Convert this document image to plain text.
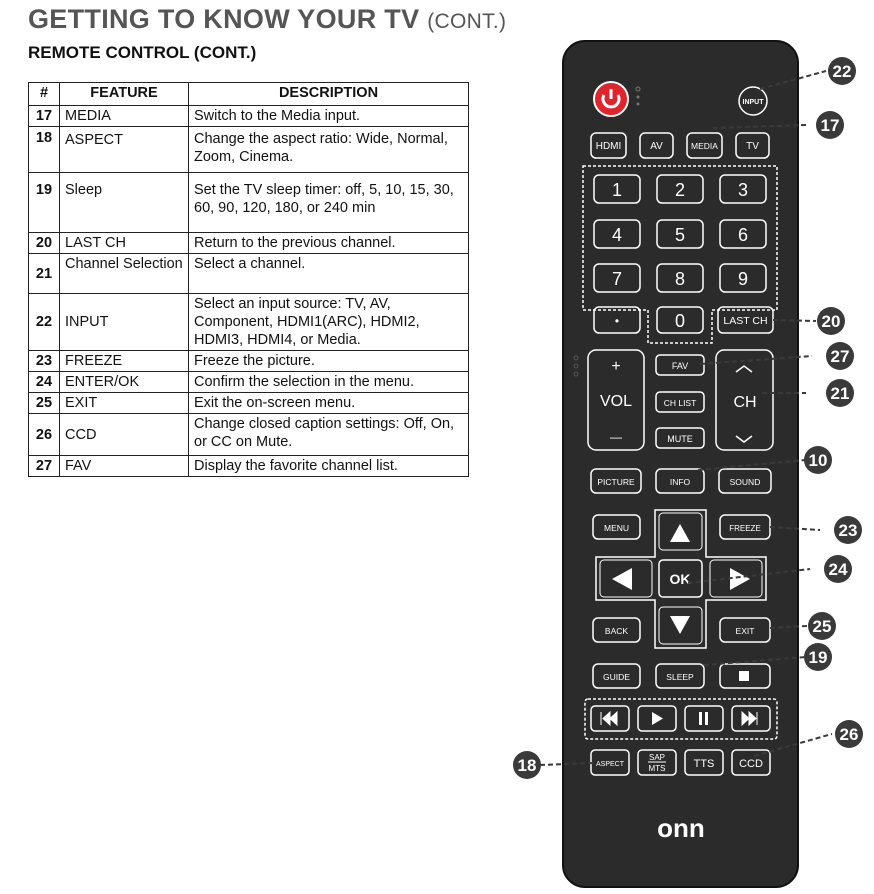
GETTING TO KNOW YOUR TV (CONT.)
REMOTE CONTROL (CONT.)
#	FEATURE	DESCRIPTION
17	MEDIA	Switch to the Media input.
18	ASPECT	Change the aspect ratio: Wide, Normal, Zoom, Cinema.
19	Sleep	Set the TV sleep timer: off, 5, 10, 15, 30, 60, 90, 120, 180, or 240 min
20	LAST CH	Return to the previous channel.
21	Channel Selection	Select a channel.
22	INPUT	Select an input source: TV, AV, Component, HDMI1(ARC), HDMI2, HDMI3, HDMI4, or Media.
23	FREEZE	Freeze the picture.
24	ENTER/OK	Confirm the selection in the menu.
25	EXIT	Exit the on-screen menu.
26	CCD	Change closed caption settings: Off, On, or CC on Mute.
27	FAV	Display the favorite channel list.
INPUT
HDMI	AV	MEDIA	TV
1	2	3
4	5	6
7	8	9
•	0	LAST CH
+
VOL
—
FAV
CH LIST
MUTE
CH
PICTURE	INFO	SOUND
OK
MENU	FREEZE
BACK	EXIT
GUIDE	SLEEP
ASPECT
SAP
MTS	TTS CCD
onn
22
17
20
27
21
10
23
24
25
19
26
18
